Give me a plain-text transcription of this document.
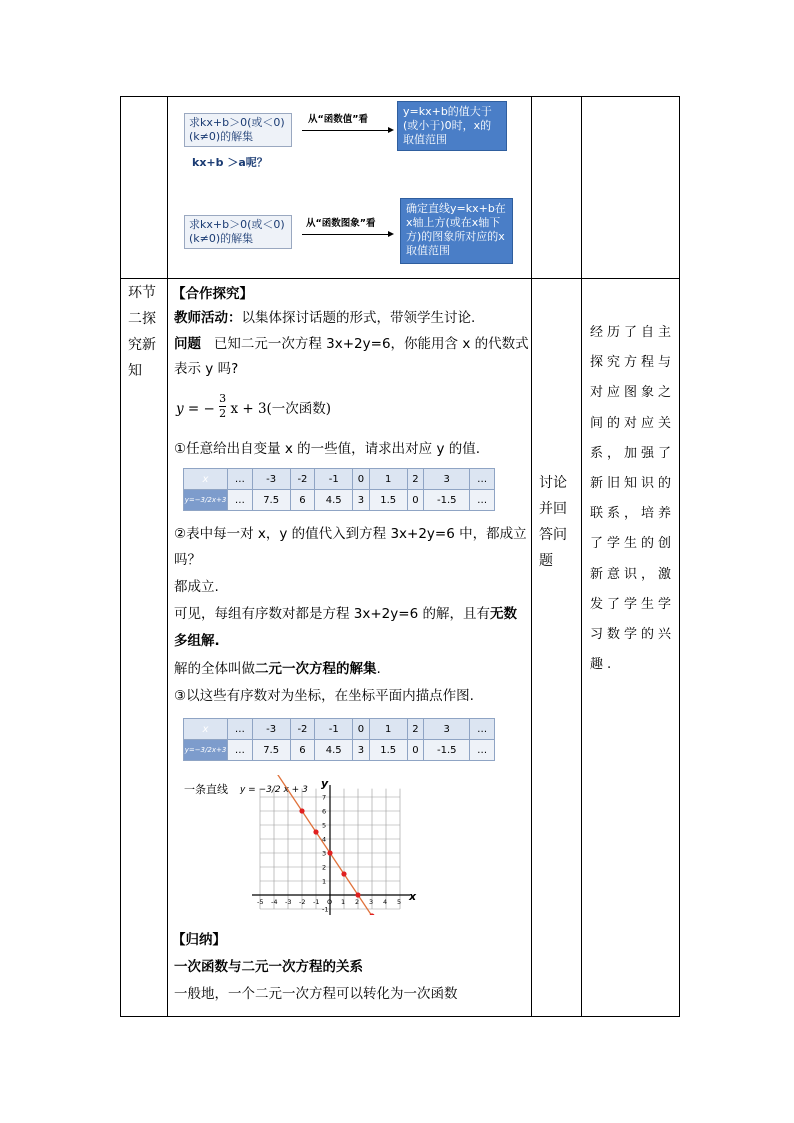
求kx+b＞0(或＜0)(k≠0)的解集
从“函数值”看
y=kx+b的值大于(或小于)0时，x的取值范围
kx+b ＞a呢？
求kx+b＞0(或＜0)(k≠0)的解集
从“函数图象”看
确定直线y=kx+b在x轴上方(或在x轴下方)的图象所对应的x取值范围
环节二探究新知
讨论并回答问题
经历了自主探究方程与对应图象之间的对应关系，加强了新旧知识的联系，培养了学生的创新意识，激发了学生学习数学的兴趣.
【合作探究】
教师活动：以集体探讨话题的形式，带领学生讨论.
问题 已知二元一次方程 3x+2y=6，你能用含 x 的代数式
表示 y 吗?
y = − $\frac{3}{2}$ x + 3(一次函数)
①任意给出自变量 x 的一些值，请求出对应 y 的值.
x	…	-3	-2	-1	0	1	2	3	…
y=−3/2x+3	…	7.5	6	4.5	3	1.5	0	-1.5	…
②表中每一对 x，y 的值代入到方程 3x+2y=6 中，都成立
吗？
都成立.
可见，每组有序数对都是方程 3x+2y=6 的解，且有无数
多组解.
解的全体叫做二元一次方程的解集.
③以这些有序数对为坐标，在坐标平面内描点作图.
x	…	-3	-2	-1	0	1	2	3	…
y=−3/2x+3	…	7.5	6	4.5	3	1.5	0	-1.5	…
一条直线 y = −3/2 x + 3
x
y
-5 -4 -3 -2 -1 O 1 2 3 4 5
-1
1
2
3
4
5
6
7
【归纳】
一次函数与二元一次方程的关系
一般地，一个二元一次方程可以转化为一次函数
